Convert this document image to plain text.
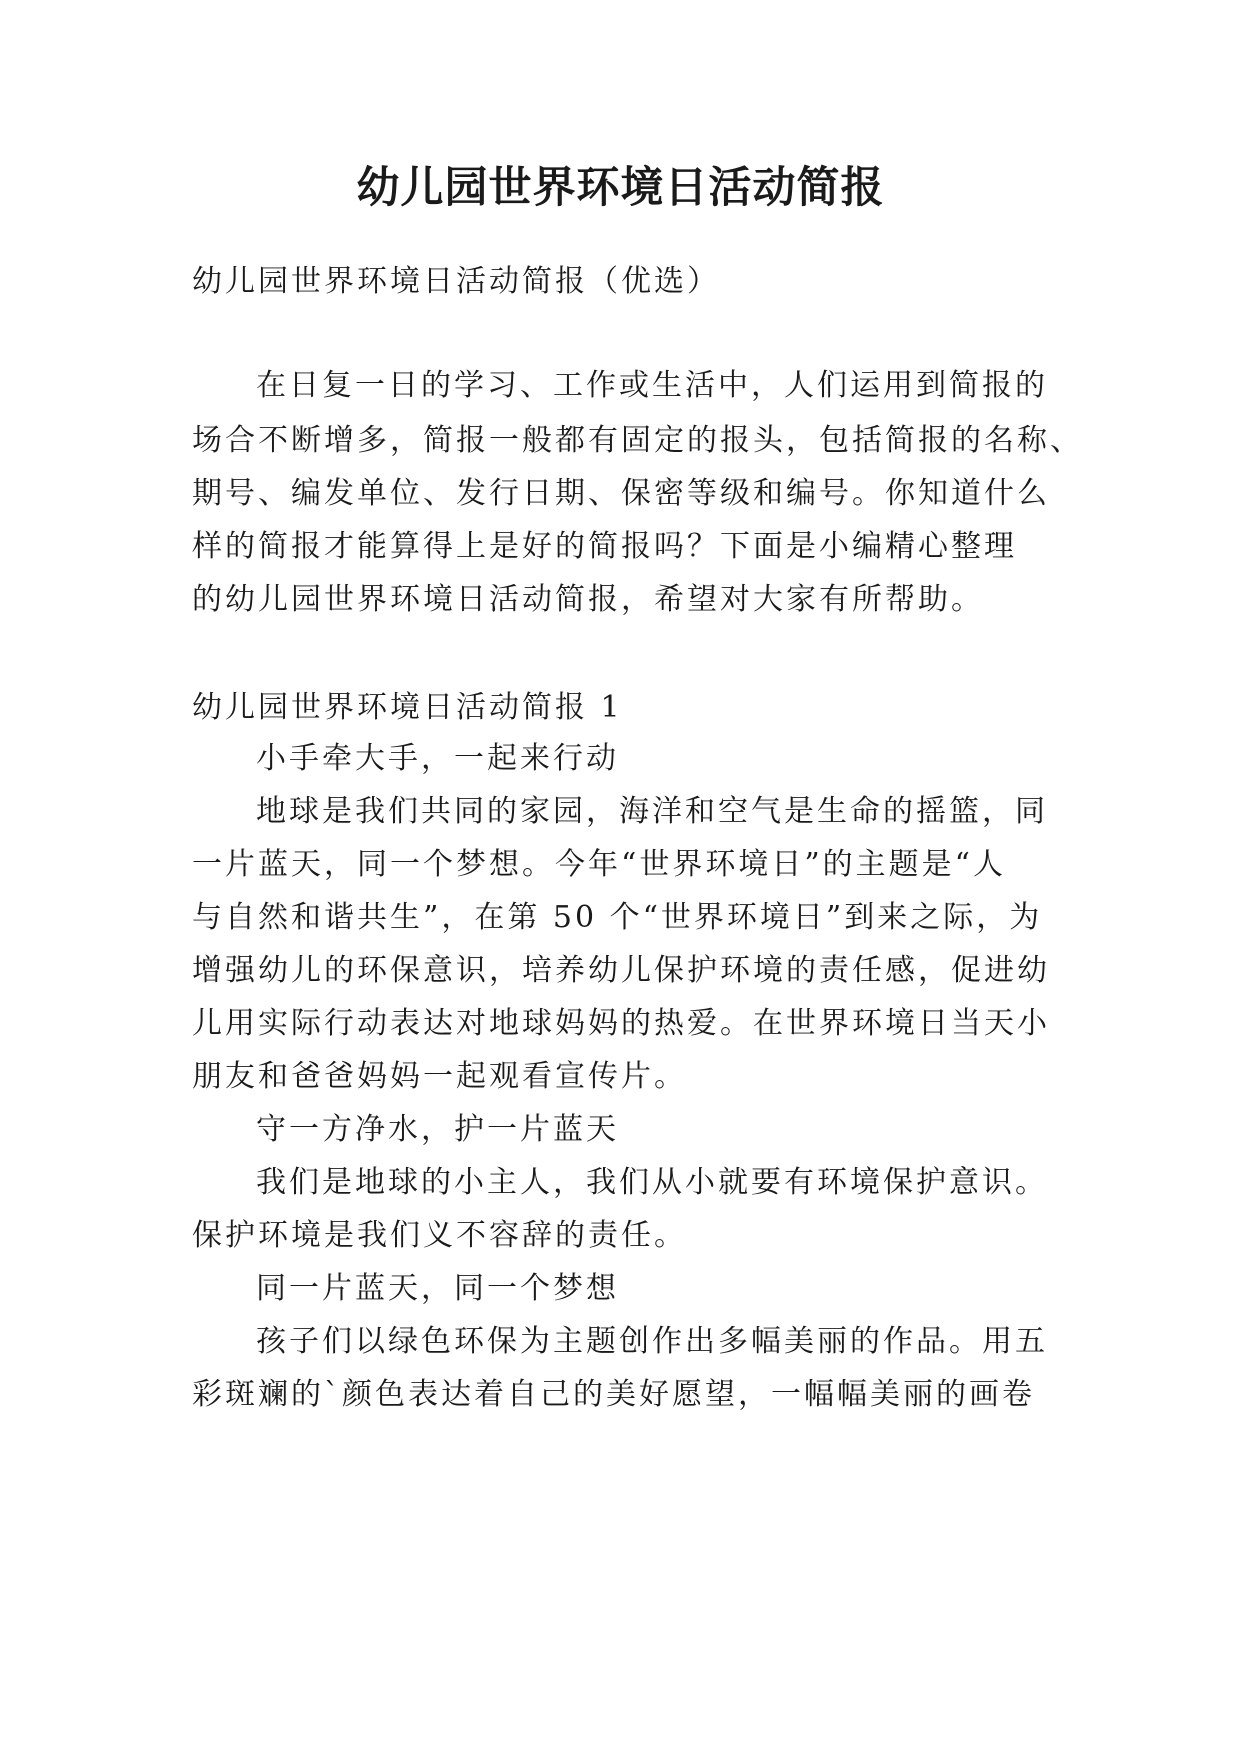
幼儿园世界环境日活动简报
幼儿园世界环境日活动简报（优选）
在日复一日的学习、工作或生活中，人们运用到简报的
场合不断增多，简报一般都有固定的报头，包括简报的名称、
期号、编发单位、发行日期、保密等级和编号。你知道什么
样的简报才能算得上是好的简报吗？下面是小编精心整理
的幼儿园世界环境日活动简报，希望对大家有所帮助。
幼儿园世界环境日活动简报 1
小手牵大手，一起来行动
地球是我们共同的家园，海洋和空气是生命的摇篮，同
一片蓝天，同一个梦想。今年“世界环境日”的主题是“人
与自然和谐共生”，在第 50 个“世界环境日”到来之际，为
增强幼儿的环保意识，培养幼儿保护环境的责任感，促进幼
儿用实际行动表达对地球妈妈的热爱。在世界环境日当天小
朋友和爸爸妈妈一起观看宣传片。
守一方净水，护一片蓝天
我们是地球的小主人，我们从小就要有环境保护意识。
保护环境是我们义不容辞的责任。
同一片蓝天，同一个梦想
孩子们以绿色环保为主题创作出多幅美丽的作品。用五
彩斑斓的`颜色表达着自己的美好愿望，一幅幅美丽的画卷
